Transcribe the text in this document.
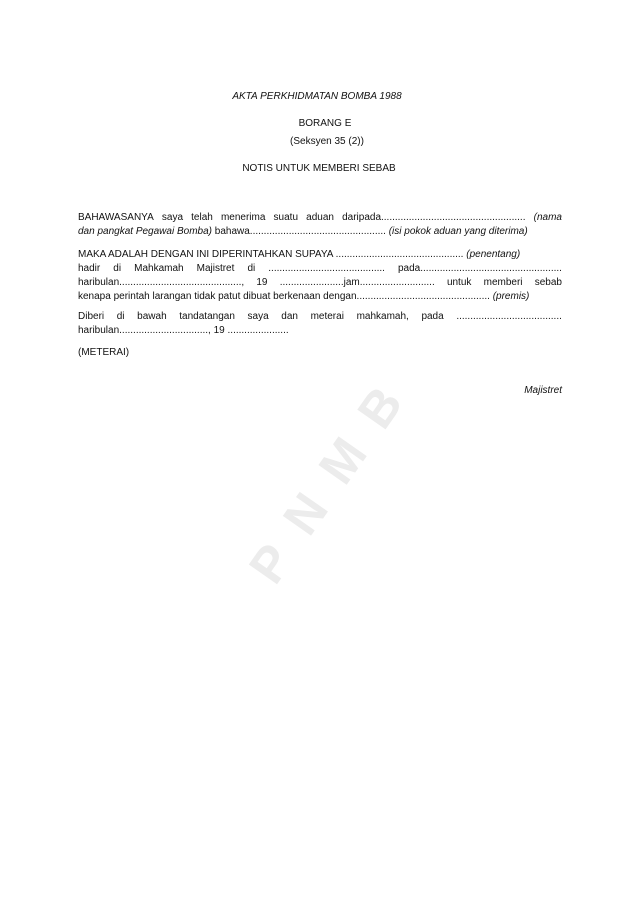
PNMB
AKTA PERKHIDMATAN BOMBA 1988
BORANG E
(Seksyen 35 (2))
NOTIS UNTUK MEMBERI SEBAB
BAHAWASANYA saya telah menerima suatu aduan daripada.................................................... (nama
dan pangkat Pegawai Bomba) bahawa................................................. (isi pokok aduan yang diterima)
MAKA ADALAH DENGAN INI DIPERINTAHKAN SUPAYA .............................................. (penentang)
hadir di Mahkamah Majistret di .......................................... pada...................................................
haribulan............................................, 19 .......................jam........................... untuk memberi sebab
kenapa perintah larangan tidak patut dibuat berkenaan dengan................................................ (premis)
Diberi di bawah tandatangan saya dan meterai mahkamah, pada ......................................
haribulan................................, 19 ......................
(METERAI)
Majistret
